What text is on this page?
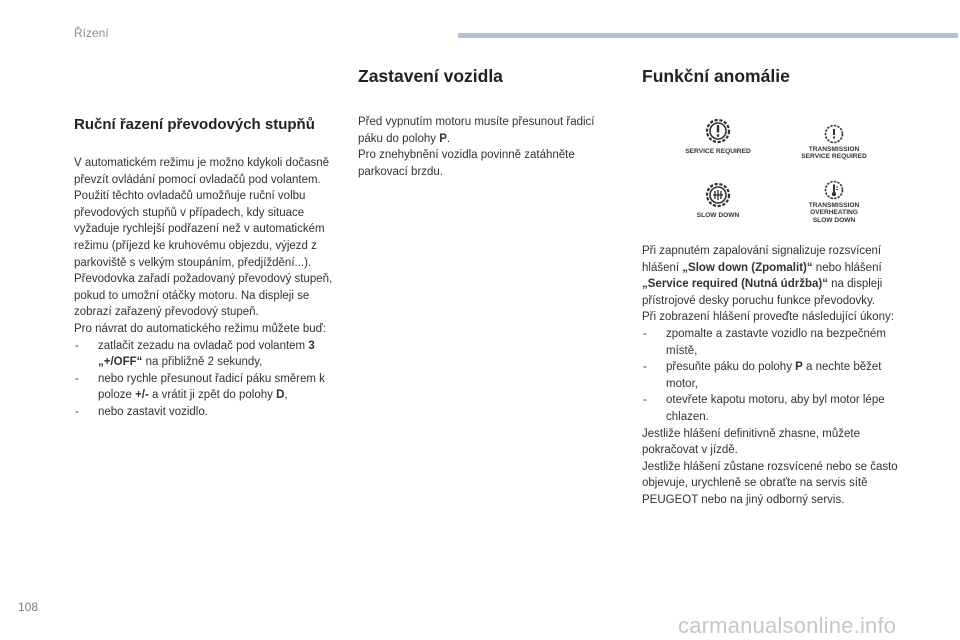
Řízení
Ruční řazení převodových stupňů

V automatickém režimu je možno kdykoli dočasně převzít ovládání pomocí ovladačů pod volantem.

Použití těchto ovladačů umožňuje ruční volbu převodových stupňů v případech, kdy situace vyžaduje rychlejší podřazení než v automatickém režimu (příjezd ke kruhovému objezdu, výjezd z parkoviště s velkým stoupáním, předjíždění...).

Převodovka zařadí požadovaný převodový stupeň, pokud to umožní otáčky motoru. Na displeji se zobrazí zařazený převodový stupeň.

Pro návrat do automatického režimu můžete buď:

- zatlačit zezadu na ovladač pod volantem 3 „+/OFF“ na přibližně 2 sekundy,

- nebo rychle přesunout řadicí páku směrem k poloze +/- a vrátit ji zpět do polohy D,

- nebo zastavit vozidlo.

Zastavení vozidla

Před vypnutím motoru musíte přesunout řadicí páku do polohy P.

Pro znehybnění vozidla povinně zatáhněte parkovací brzdu.

Funkční anomálie
SERVICE REQUIRED	TRANSMISSION
SERVICE REQUIRED
SLOW DOWN
TRANSMISSION
OVERHEATING
SLOW DOWN

Při zapnutém zapalování signalizuje rozsvícení hlášení „Slow down (Zpomalit)“ nebo hlášení „Service required (Nutná údržba)“ na displeji přístrojové desky poruchu funkce převodovky.

Při zobrazení hlášení proveďte následující úkony:

- zpomalte a zastavte vozidlo na bezpečném místě,

- přesuňte páku do polohy P a nechte běžet motor,

- otevřete kapotu motoru, aby byl motor lépe chlazen.

Jestliže hlášení definitivně zhasne, můžete pokračovat v jízdě.

Jestliže hlášení zůstane rozsvícené nebo se často objevuje, urychleně se obraťte na servis sítě PEUGEOT nebo na jiný odborný servis.

108
carmanualsonline.info
